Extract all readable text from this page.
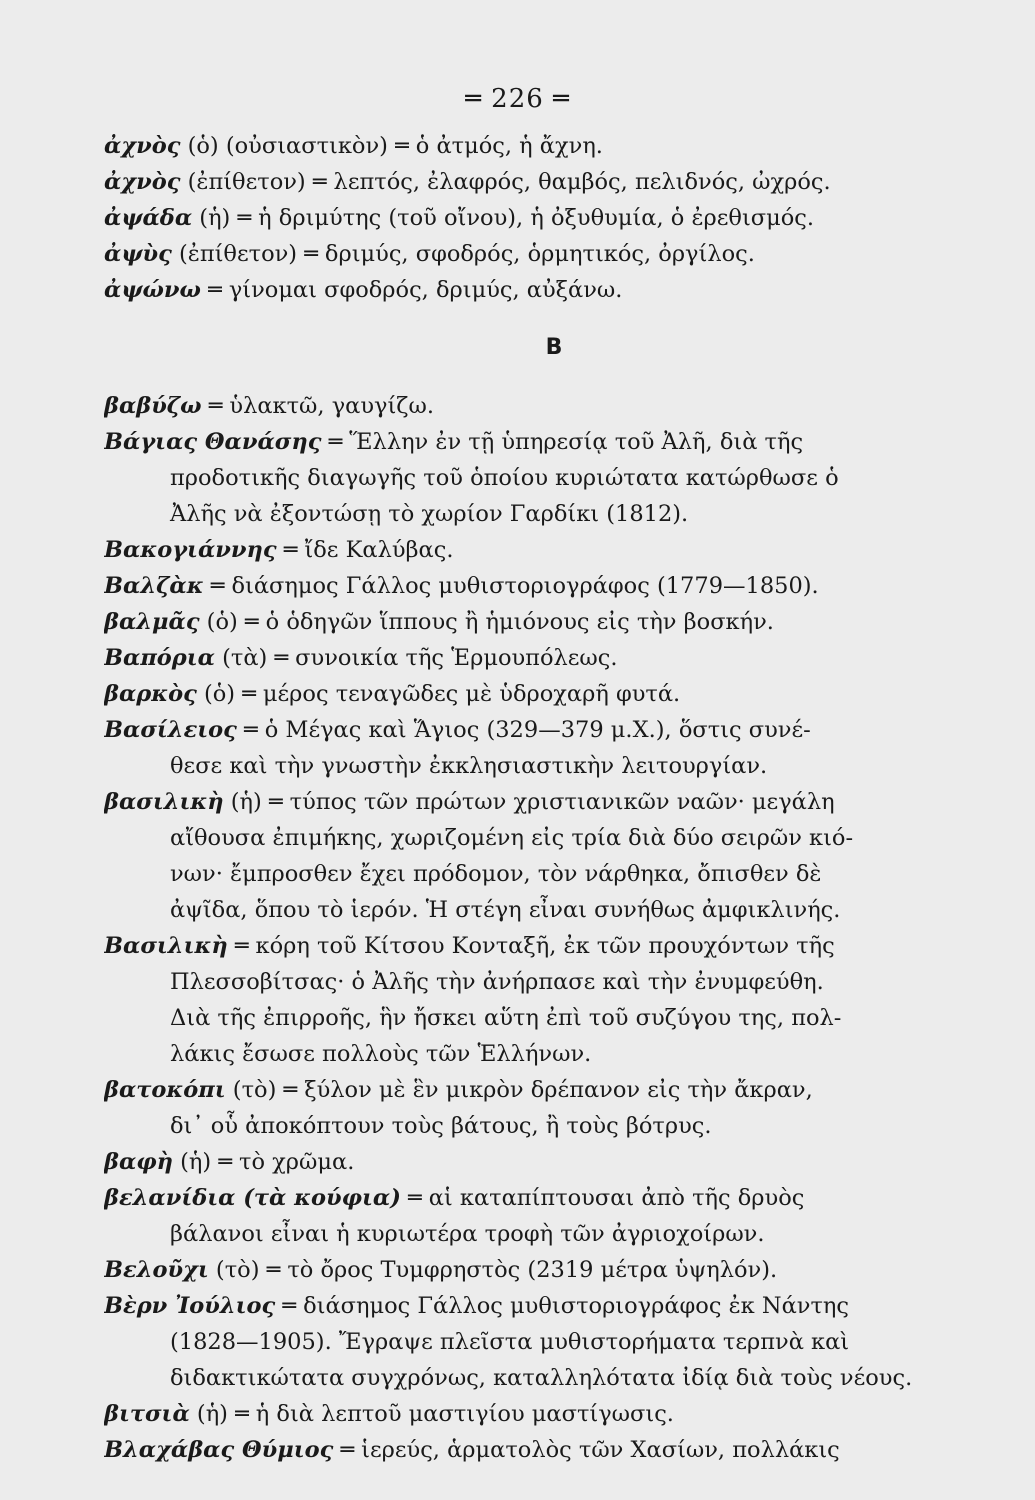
═ 226 ═
ἀχνὸς (ὁ) (οὐσιαστικὸν) ═ ὁ ἀτμός, ἡ ἄχνη.
ἀχνὸς (ἐπίθετον) ═ λεπτός, ἐλαφρός, θαμβός, πελιδνός, ὠχρός.
ἀψάδα (ἡ) ═ ἡ δριμύτης (τοῦ οἴνου), ἡ ὀξυθυμία, ὁ ἐρεθισμός.
ἀψὺς (ἐπίθετον) ═ δριμύς, σφοδρός, ὁρμητικός, ὀργίλος.
ἀψώνω ═ γίνομαι σφοδρός, δριμύς, αὐξάνω.
B
βαβύζω ═ ὑλακτῶ, γαυγίζω.
Βάγιας Θανάσης ═ Ἕλλην ἐν τῇ ὑπηρεσίᾳ τοῦ Ἀλῆ, διὰ τῆς
προδοτικῆς διαγωγῆς τοῦ ὁποίου κυριώτατα κατώρθωσε ὁ
Ἀλῆς νὰ ἐξοντώσῃ τὸ χωρίον Γαρδίκι (1812).
Βακογιάννης ═ ἴδε Καλύβας.
Βαλζὰκ ═ διάσημος Γάλλος μυθιστοριογράφος (1779—1850).
βαλμᾶς (ὁ) ═ ὁ ὁδηγῶν ἵππους ἢ ἡμιόνους εἰς τὴν βοσκήν.
Βαπόρια (τὰ) ═ συνοικία τῆς Ἑρμουπόλεως.
βαρκὸς (ὁ) ═ μέρος τεναγῶδες μὲ ὑδροχαρῆ φυτά.
Βασίλειος ═ ὁ Μέγας καὶ Ἅγιος (329—379 μ.Χ.), ὅστις συνέ-
θεσε καὶ τὴν γνωστὴν ἐκκλησιαστικὴν λειτουργίαν.
βασιλικὴ (ἡ) ═ τύπος τῶν πρώτων χριστιανικῶν ναῶν· μεγάλη
αἴθουσα ἐπιμήκης, χωριζομένη εἰς τρία διὰ δύο σειρῶν κιό-
νων· ἔμπροσθεν ἔχει πρόδομον, τὸν νάρθηκα, ὄπισθεν δὲ
ἀψῖδα, ὅπου τὸ ἱερόν. Ἡ στέγη εἶναι συνήθως ἀμφικλινής.
Βασιλικὴ ═ κόρη τοῦ Κίτσου Κονταξῆ, ἐκ τῶν προυχόντων τῆς
Πλεσσοβίτσας· ὁ Ἀλῆς τὴν ἀνήρπασε καὶ τὴν ἐνυμφεύθη.
Διὰ τῆς ἐπιρροῆς, ἣν ἤσκει αὕτη ἐπὶ τοῦ συζύγου της, πολ-
λάκις ἔσωσε πολλοὺς τῶν Ἑλλήνων.
βατοκόπι (τὸ) ═ ξύλον μὲ ἓν μικρὸν δρέπανον εἰς τὴν ἄκραν,
δι᾽ οὗ ἀποκόπτουν τοὺς βάτους, ἢ τοὺς βότρυς.
βαφὴ (ἡ) ═ τὸ χρῶμα.
βελανίδια (τὰ κούφια) ═ αἱ καταπίπτουσαι ἀπὸ τῆς δρυὸς
βάλανοι εἶναι ἡ κυριωτέρα τροφὴ τῶν ἀγριοχοίρων.
Βελοῦχι (τὸ) ═ τὸ ὄρος Τυμφρηστὸς (2319 μέτρα ὑψηλόν).
Βὲρν Ἰούλιος ═ διάσημος Γάλλος μυθιστοριογράφος ἐκ Νάντης
(1828—1905). Ἔγραψε πλεῖστα μυθιστορήματα τερπνὰ καὶ
διδακτικώτατα συγχρόνως, καταλληλότατα ἰδίᾳ διὰ τοὺς νέους.
βιτσιὰ (ἡ) ═ ἡ διὰ λεπτοῦ μαστιγίου μαστίγωσις.
Βλαχάβας Θύμιος ═ ἱερεύς, ἁρματολὸς τῶν Χασίων, πολλάκις
